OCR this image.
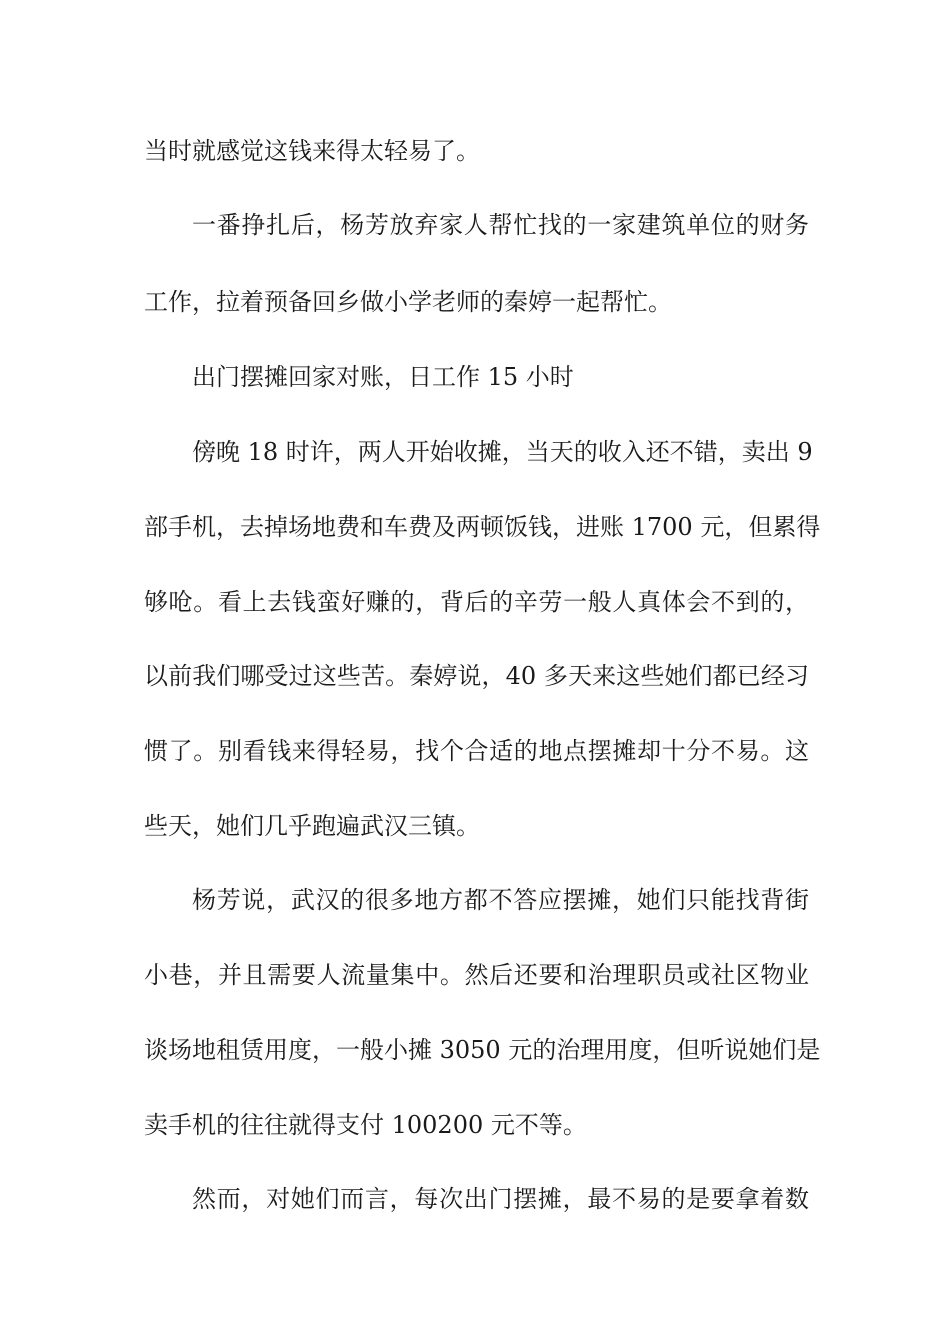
当时就感觉这钱来得太轻易了。
一番挣扎后，杨芳放弃家人帮忙找的一家建筑单位的财务
工作，拉着预备回乡做小学老师的秦婷一起帮忙。
出门摆摊回家对账，日工作 15 小时
傍晚 18 时许，两人开始收摊，当天的收入还不错，卖出 9
部手机，去掉场地费和车费及两顿饭钱，进账 1700 元，但累得
够呛。看上去钱蛮好赚的，背后的辛劳一般人真体会不到的，
以前我们哪受过这些苦。秦婷说，40 多天来这些她们都已经习
惯了。别看钱来得轻易，找个合适的地点摆摊却十分不易。这
些天，她们几乎跑遍武汉三镇。
杨芳说，武汉的很多地方都不答应摆摊，她们只能找背街
小巷，并且需要人流量集中。然后还要和治理职员或社区物业
谈场地租赁用度，一般小摊 3050 元的治理用度，但听说她们是
卖手机的往往就得支付 100200 元不等。
然而，对她们而言，每次出门摆摊，最不易的是要拿着数
